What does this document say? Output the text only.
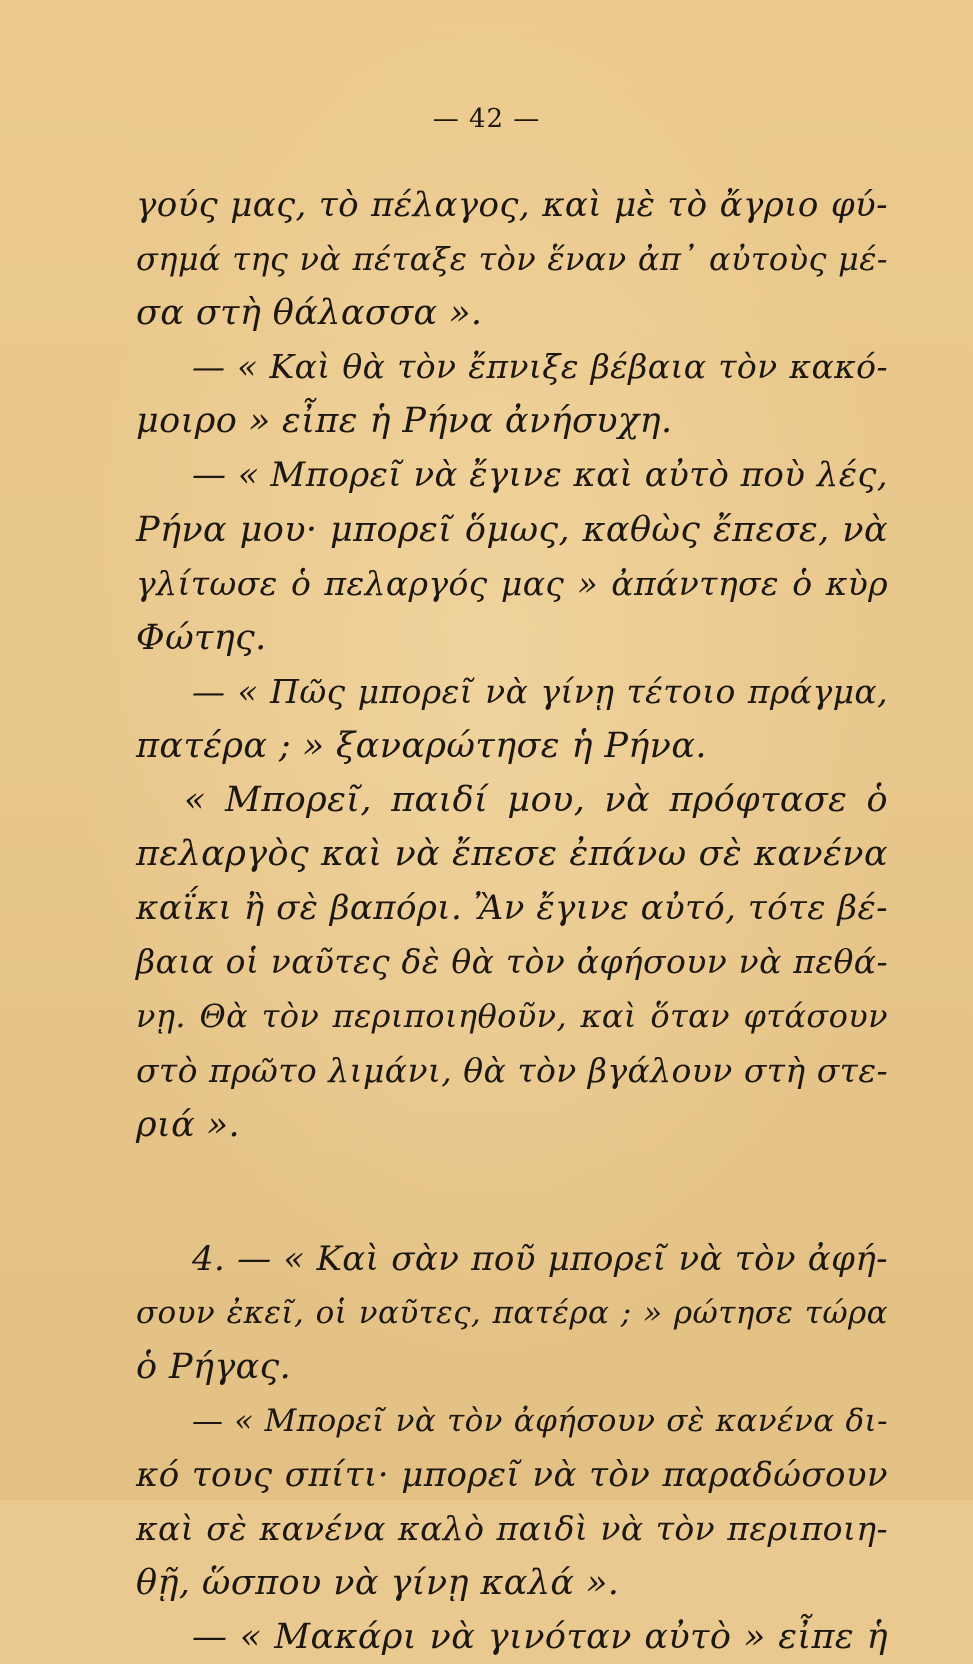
— 42 —
γούς μας, τὸ πέλαγος, καὶ μὲ τὸ ἄγριο φύ-
σημά της νὰ πέταξε τὸν ἕναν ἀπ᾽ αὐτοὺς μέ-
σα στὴ θάλασσα ».
— « Καὶ θὰ τὸν ἔπνιξε βέβαια τὸν κακό-
μοιρο » εἶπε ἡ Ρήνα ἀνήσυχη.
— « Μπορεῖ νὰ ἔγινε καὶ αὐτὸ ποὺ λές,
Ρήνα μου· μπορεῖ ὅμως, καθὼς ἔπεσε, νὰ
γλίτωσε ὁ πελαργός μας » ἀπάντησε ὁ κὺρ
Φώτης.
— « Πῶς μπορεῖ νὰ γίνῃ τέτοιο πράγμα,
πατέρα ; » ξαναρώτησε ἡ Ρήνα.
« Μπορεῖ, παιδί μου, νὰ πρόφτασε ὁ
πελαργὸς καὶ νὰ ἔπεσε ἐπάνω σὲ κανένα
καΐκι ἢ σὲ βαπόρι. Ἂν ἔγινε αὐτό, τότε βέ-
βαια οἱ ναῦτες δὲ θὰ τὸν ἀφήσουν νὰ πεθά-
νῃ. Θὰ τὸν περιποιηθοῦν, καὶ ὅταν φτάσουν
στὸ πρῶτο λιμάνι, θὰ τὸν βγάλουν στὴ στε-
ριά ».
4. — « Καὶ σὰν ποῦ μπορεῖ νὰ τὸν ἀφή-
σουν ἐκεῖ, οἱ ναῦτες, πατέρα ; » ρώτησε τώρα
ὁ Ρήγας.
— « Μπορεῖ νὰ τὸν ἀφήσουν σὲ κανένα δι-
κό τους σπίτι· μπορεῖ νὰ τὸν παραδώσουν
καὶ σὲ κανένα καλὸ παιδὶ νὰ τὸν περιποιη-
θῇ, ὥσπου νὰ γίνῃ καλά ».
— « Μακάρι νὰ γινόταν αὐτὸ » εἶπε ἡ
